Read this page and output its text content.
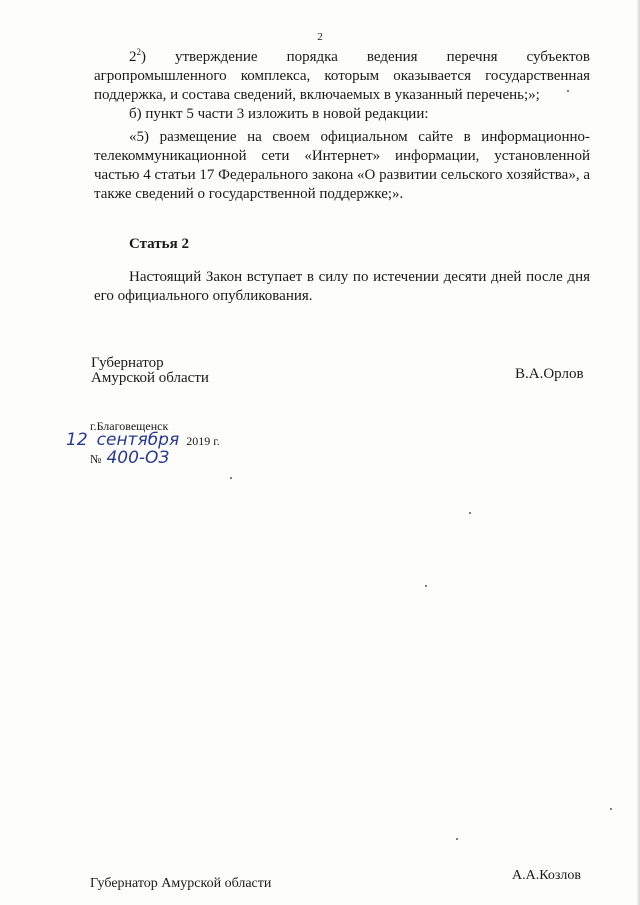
2
$2^2$) утверждение порядка ведения перечня субъектов
агропромышленного комплекса, которым оказывается государственная
поддержка, и состава сведений, включаемых в указанный перечень;»;
б) пункт 5 части 3 изложить в новой редакции:
«5) размещение на своем официальном сайте в информационно-
телекоммуникационной сети «Интернет» информации, установленной частью 4 статьи 17 Федерального закона «О развитии сельского хозяйства», а также сведений о государственной поддержке;».
Статья 2
Настоящий Закон вступает в силу по истечении десяти дней после дня
его официального опубликования.
Губернатор
Амурской области	В.А.Орлов
г.Благовещенск
12 сентября 2019 г.
№ 400-ОЗ
Губернатор Амурской области
А.А.Козлов
